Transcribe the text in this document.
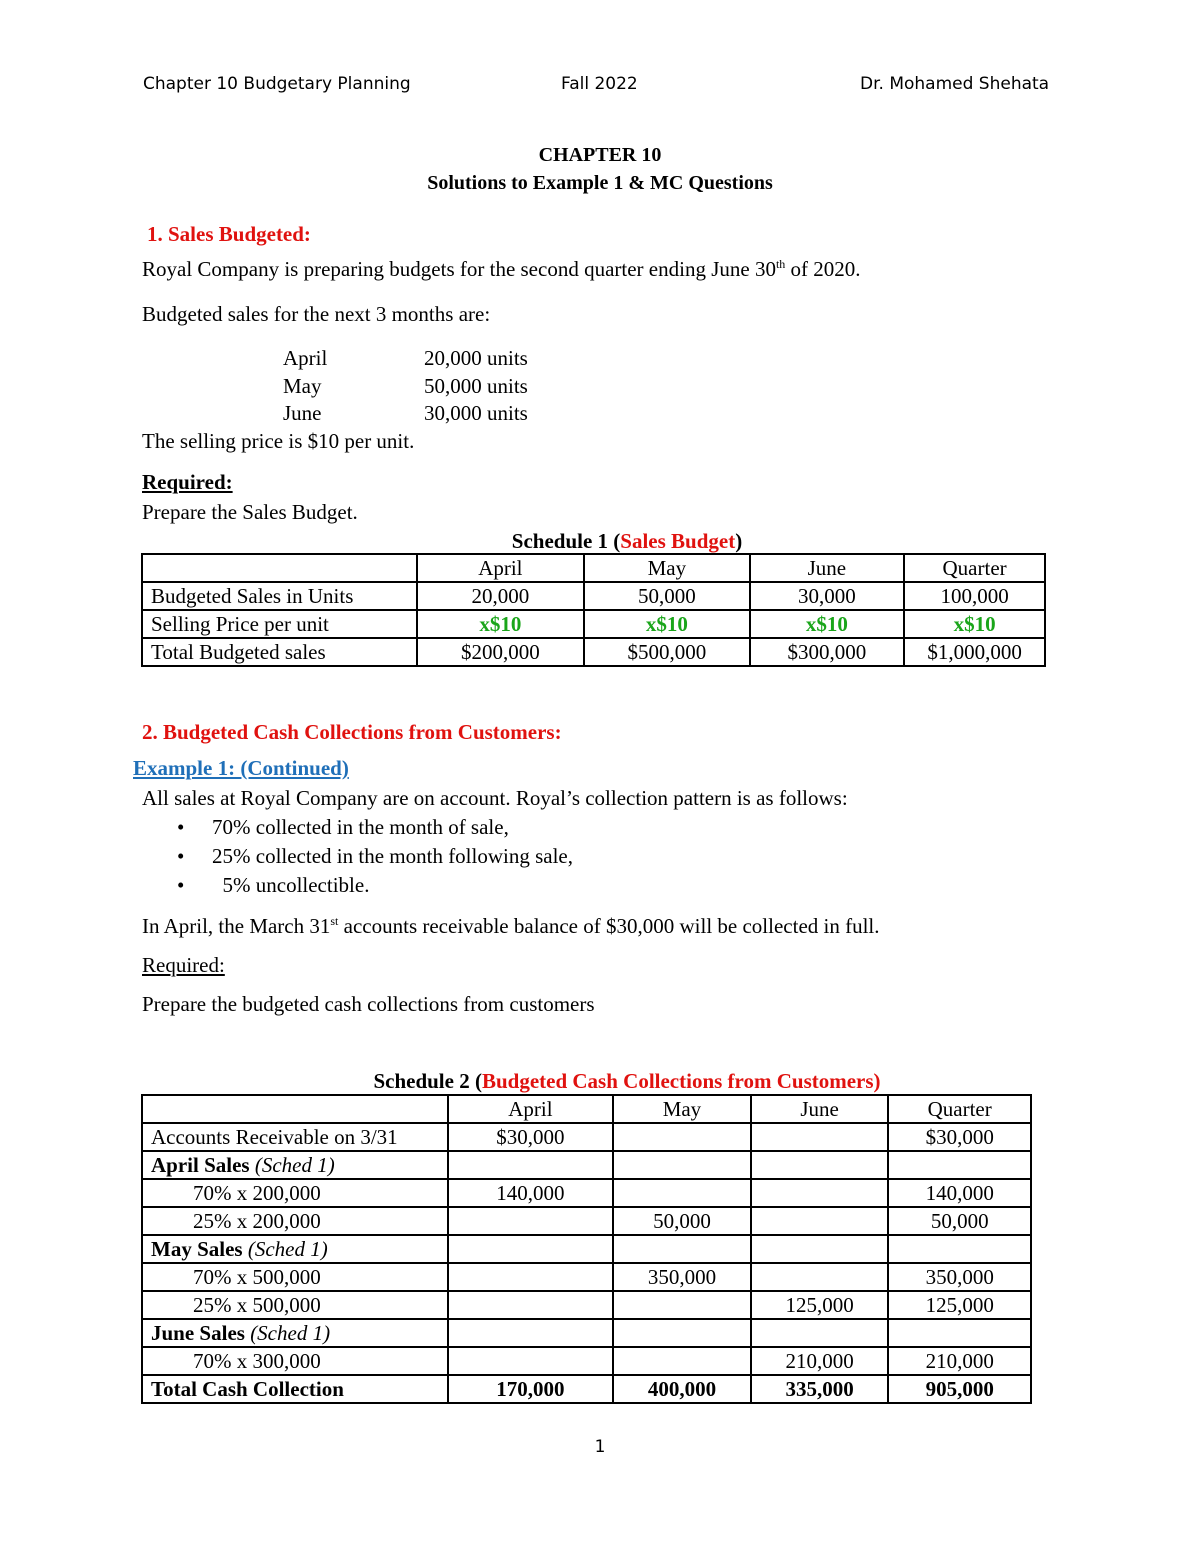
Chapter 10 Budgetary Planning	Fall 2022	Dr. Mohamed Shehata
CHAPTER 10
Solutions to Example 1 & MC Questions
1. Sales Budgeted:
Royal Company is preparing budgets for the second quarter ending June 30th of 2020.
Budgeted sales for the next 3 months are:
April	20,000 units
May	50,000 units
June	30,000 units
The selling price is $10 per unit.
Required:
Prepare the Sales Budget.
Schedule 1 (Sales Budget)
	April	May	June	Quarter
Budgeted Sales in Units	20,000	50,000	30,000	100,000
Selling Price per unit	x$10	x$10	x$10	x$10
Total Budgeted sales	$200,000	$500,000	$300,000	$1,000,000
2. Budgeted Cash Collections from Customers:
Example 1: (Continued)
All sales at Royal Company are on account. Royal’s collection pattern is as follows:
• 70% collected in the month of sale,
• 25% collected in the month following sale,
• 5% uncollectible.
In April, the March 31st accounts receivable balance of $30,000 will be collected in full.
Required:
Prepare the budgeted cash collections from customers
Schedule 2 (Budgeted Cash Collections from Customers)
	April	May	June	Quarter
Accounts Receivable on 3/31	$30,000			$30,000
April Sales (Sched 1)				
70% x 200,000	140,000			140,000
25% x 200,000		50,000		50,000
May Sales (Sched 1)				
70% x 500,000		350,000		350,000
25% x 500,000			125,000	125,000
June Sales (Sched 1)				
70% x 300,000			210,000	210,000
Total Cash Collection	170,000	400,000	335,000	905,000
1
